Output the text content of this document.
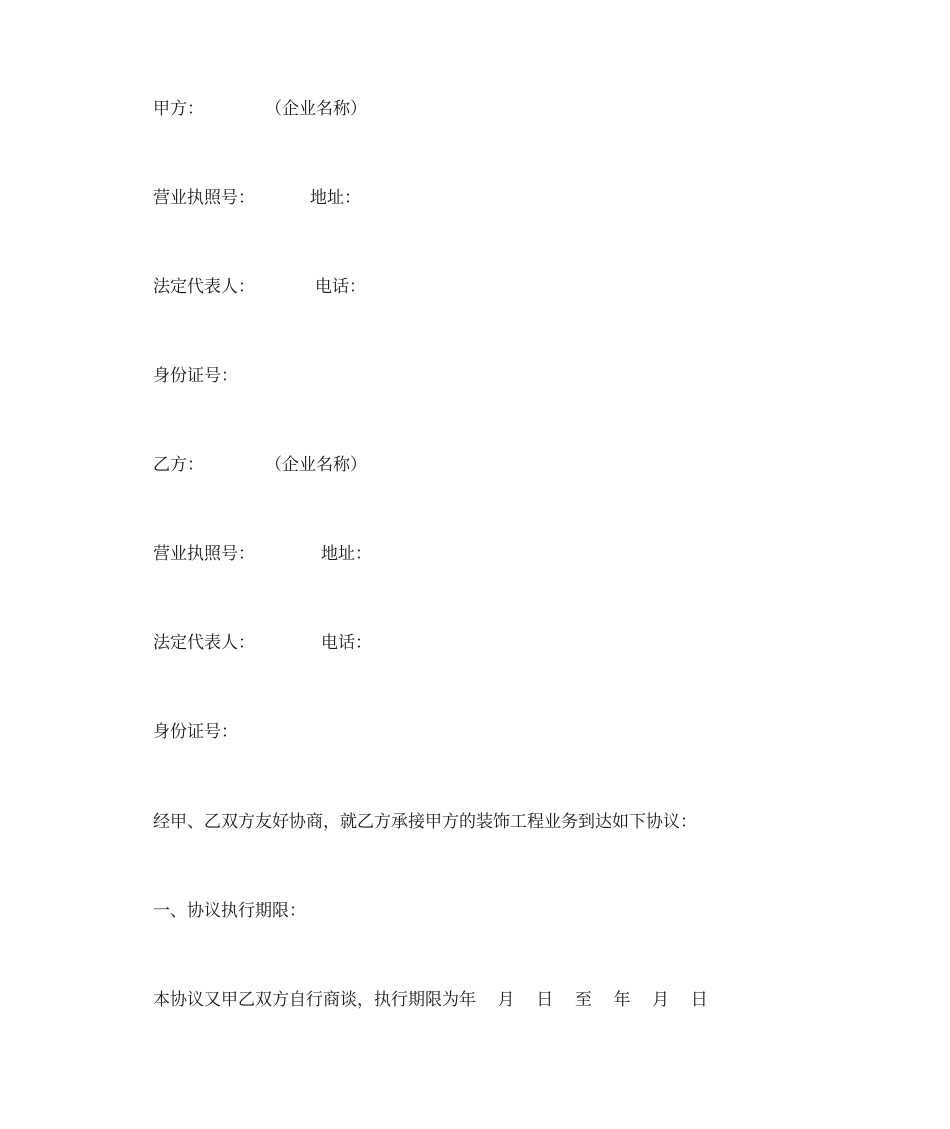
甲方：	（企业名称）
营业执照号：	地址：
法定代表人：	电话：
身份证号：
乙方：	（企业名称）
营业执照号：	地址：
法定代表人：	电话：
身份证号：
经甲、乙双方友好协商，就乙方承接甲方的装饰工程业务到达如下协议：
一、协议执行期限：
本协议又甲乙双方自行商谈，执行期限为年    月    日    至    年    月    日
